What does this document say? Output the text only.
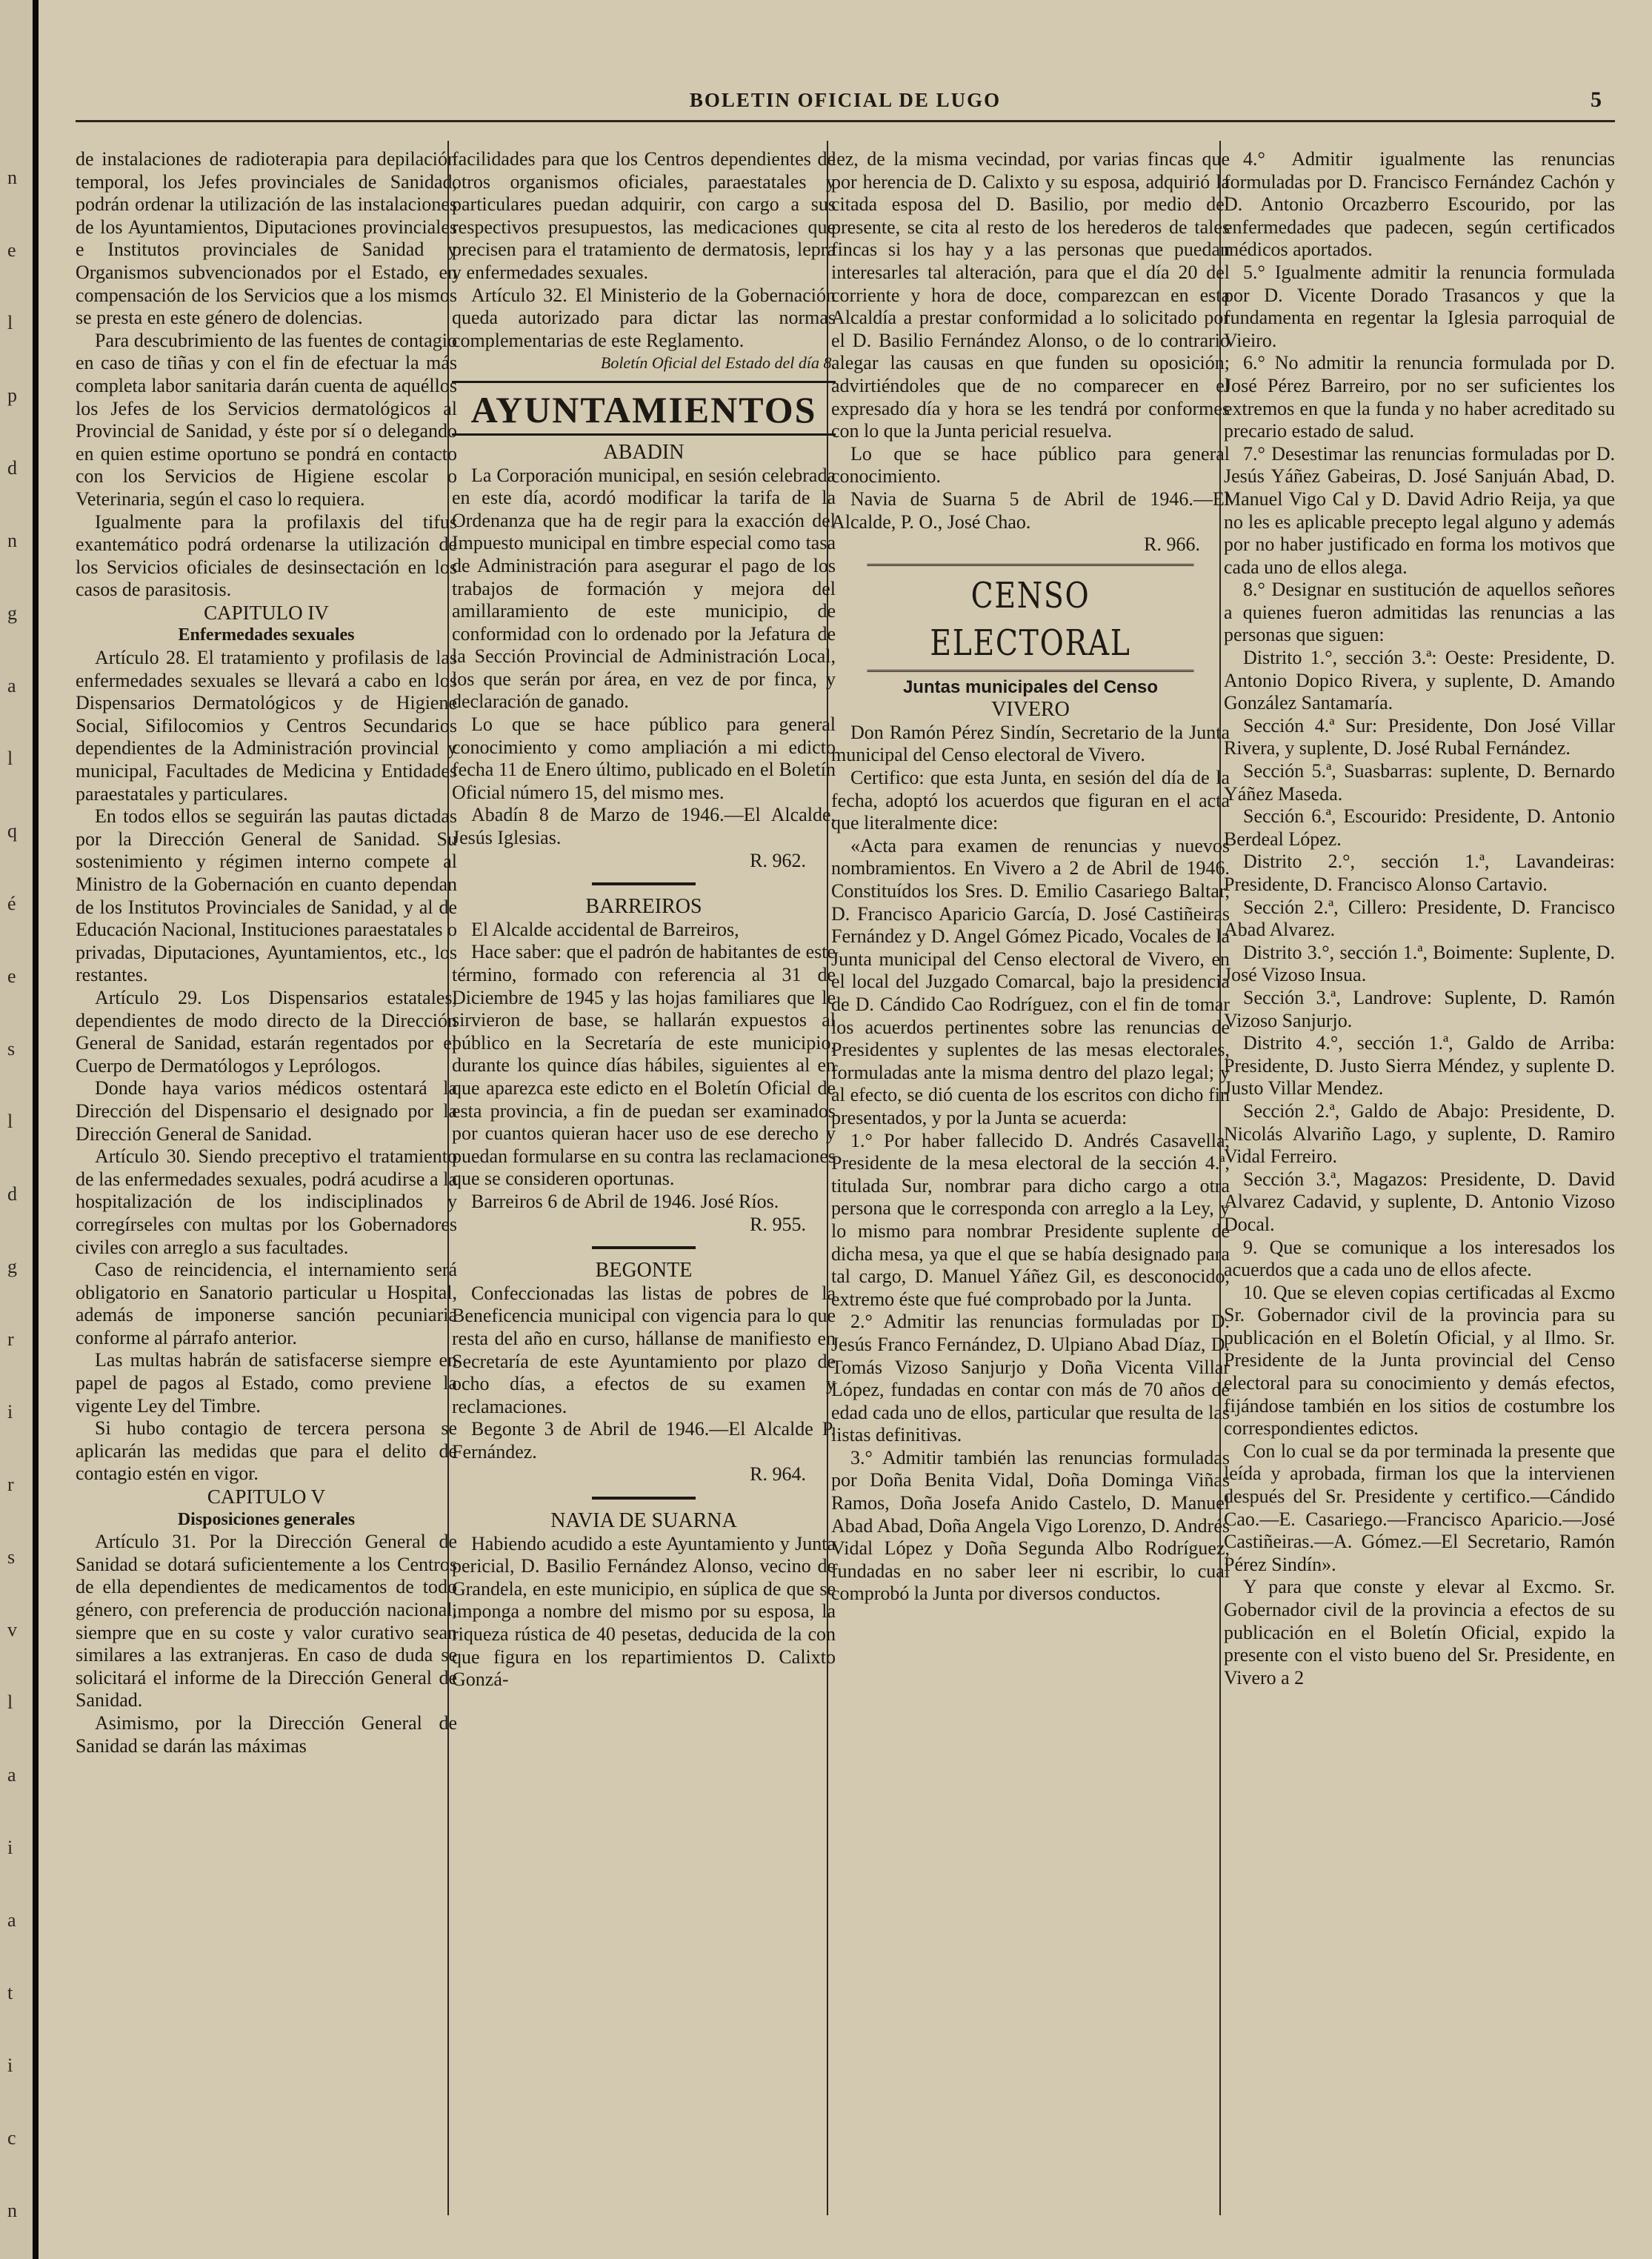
n
e
l
p
d
n
g
a
l
q
é
e
s
l
d
g
r
i
r
s
v
l
a
i
a
t
i
c
n
BOLETIN OFICIAL DE LUGO	5

de instalaciones de radioterapia para depilación temporal, los Jefes provinciales de Sanidad, podrán ordenar la utilización de las instalaciones de los Ayuntamientos, Diputaciones provinciales e Institutos provinciales de Sanidad y Organismos subvencionados por el Estado, en compensación de los Servicios que a los mismos se presta en este género de dolencias.

Para descubrimiento de las fuentes de contagio en caso de tiñas y con el fin de efectuar la más completa labor sanitaria darán cuenta de aquéllos los Jefes de los Servicios dermatológicos al Provincial de Sanidad, y éste por sí o delegando en quien estime oportuno se pondrá en contacto con los Servicios de Higiene escolar o Veterinaria, según el caso lo requiera.

Igualmente para la profilaxis del tifus exantemático podrá ordenarse la utilización de los Servicios oficiales de desinsectación en los casos de parasitosis.

CAPITULO IV

Enfermedades sexuales

Artículo 28. El tratamiento y profilasis de las enfermedades sexuales se llevará a cabo en los Dispensarios Dermatológicos y de Higiene Social, Sifilocomios y Centros Secundarios dependientes de la Administración provincial y municipal, Facultades de Medicina y Entidades paraestatales y particulares.

En todos ellos se seguirán las pautas dictadas por la Dirección General de Sanidad. Su sostenimiento y régimen interno compete al Ministro de la Gobernación en cuanto dependan de los Institutos Provinciales de Sanidad, y al de Educación Nacional, Instituciones paraestatales o privadas, Diputaciones, Ayuntamientos, etc., los restantes.

Artículo 29. Los Dispensarios estatales, dependientes de modo directo de la Dirección General de Sanidad, estarán regentados por el Cuerpo de Dermatólogos y Leprólogos.

Donde haya varios médicos ostentará la Dirección del Dispensario el designado por la Dirección General de Sanidad.

Artículo 30. Siendo preceptivo el tratamiento de las enfermedades sexuales, podrá acudirse a la hospitalización de los indisciplinados y corregírseles con multas por los Gobernadores civiles con arreglo a sus facultades.

Caso de reincidencia, el internamiento será obligatorio en Sanatorio particular u Hospital, además de imponerse sanción pecuniaria conforme al párrafo anterior.

Las multas habrán de satisfacerse siempre en papel de pagos al Estado, como previene la vigente Ley del Timbre.

Si hubo contagio de tercera persona se aplicarán las medidas que para el delito de contagio estén en vigor.

CAPITULO V

Disposiciones generales

Artículo 31. Por la Dirección General de Sanidad se dotará suficientemente a los Centros de ella dependientes de medicamentos de todo género, con preferencia de producción nacional, siempre que en su coste y valor curativo sean similares a las extranjeras. En caso de duda se solicitará el informe de la Dirección General de Sanidad.

Asimismo, por la Dirección General de Sanidad se darán las máximas

facilidades para que los Centros dependientes de otros organismos oficiales, paraestatales y particulares puedan adquirir, con cargo a sus respectivos presupuestos, las medicaciones que precisen para el tratamiento de dermatosis, lepra y enfermedades sexuales.

Artículo 32. El Ministerio de la Gobernación queda autorizado para dictar las normas complementarias de este Reglamento.

Boletín Oficial del Estado del día 8.

AYUNTAMIENTOS

ABADIN

La Corporación municipal, en sesión celebrada en este día, acordó modificar la tarifa de la Ordenanza que ha de regir para la exacción del Impuesto municipal en timbre especial como tasa de Administración para asegurar el pago de los trabajos de formación y mejora del amillaramiento de este municipio, de conformidad con lo ordenado por la Jefatura de la Sección Provincial de Administración Local, los que serán por área, en vez de por finca, y declaración de ganado.

Lo que se hace público para general conocimiento y como ampliación a mi edicto fecha 11 de Enero último, publicado en el Boletín Oficial número 15, del mismo mes.

Abadín 8 de Marzo de 1946.—El Alcalde, Jesús Iglesias.

R. 962.

BARREIROS

El Alcalde accidental de Barreiros,

Hace saber: que el padrón de habitantes de este término, formado con referencia al 31 de Diciembre de 1945 y las hojas familiares que le sirvieron de base, se hallarán expuestos al público en la Secretaría de este municipio, durante los quince días hábiles, siguientes al en que aparezca este edicto en el Boletín Oficial de esta provincia, a fin de puedan ser examinados por cuantos quieran hacer uso de ese derecho y puedan formularse en su contra las reclamaciones que se consideren oportunas.

Barreiros 6 de Abril de 1946. José Ríos.

R. 955.

BEGONTE

Confeccionadas las listas de pobres de la Beneficencia municipal con vigencia para lo que resta del año en curso, hállanse de manifiesto en Secretaría de este Ayuntamiento por plazo de ocho días, a efectos de su examen y reclamaciones.

Begonte 3 de Abril de 1946.—El Alcalde P. Fernández.

R. 964.

NAVIA DE SUARNA

Habiendo acudido a este Ayuntamiento y Junta pericial, D. Basilio Fernández Alonso, vecino de Grandela, en este municipio, en súplica de que se imponga a nombre del mismo por su esposa, la riqueza rústica de 40 pesetas, deducida de la con que figura en los repartimientos D. Calixto Gonzá-

lez, de la misma vecindad, por varias fincas que por herencia de D. Calixto y su esposa, adquirió la citada esposa del D. Basilio, por medio del presente, se cita al resto de los herederos de tales fincas si los hay y a las personas que puedan interesarles tal alteración, para que el día 20 del corriente y hora de doce, comparezcan en esta Alcaldía a prestar conformidad a lo solicitado por el D. Basilio Fernández Alonso, o de lo contrario alegar las causas en que funden su oposición; advirtiéndoles que de no comparecer en el expresado día y hora se les tendrá por conformes con lo que la Junta pericial resuelva.

Lo que se hace público para general conocimiento.

Navia de Suarna 5 de Abril de 1946.—El Alcalde, P. O., José Chao.

R. 966.

CENSO ELECTORAL

Juntas municipales del Censo

VIVERO

Don Ramón Pérez Sindín, Secretario de la Junta municipal del Censo electoral de Vivero.

Certifico: que esta Junta, en sesión del día de la fecha, adoptó los acuerdos que figuran en el acta que literalmente dice:

«Acta para examen de renuncias y nuevos nombramientos. En Vivero a 2 de Abril de 1946. Constituídos los Sres. D. Emilio Casariego Baltar, D. Francisco Aparicio García, D. José Castiñeiras Fernández y D. Angel Gómez Picado, Vocales de la Junta municipal del Censo electoral de Vivero, en el local del Juzgado Comarcal, bajo la presidencia de D. Cándido Cao Rodríguez, con el fin de tomar los acuerdos pertinentes sobre las renuncias de Presidentes y suplentes de las mesas electorales, formuladas ante la misma dentro del plazo legal; y al efecto, se dió cuenta de los escritos con dicho fin presentados, y por la Junta se acuerda:

1.° Por haber fallecido D. Andrés Casavella, Presidente de la mesa electoral de la sección 4.ª, titulada Sur, nombrar para dicho cargo a otra persona que le corresponda con arreglo a la Ley, y lo mismo para nombrar Presidente suplente de dicha mesa, ya que el que se había designado para tal cargo, D. Manuel Yáñez Gil, es desconocido, extremo éste que fué comprobado por la Junta.

2.° Admitir las renuncias formuladas por D. Jesús Franco Fernández, D. Ulpiano Abad Díaz, D. Tomás Vizoso Sanjurjo y Doña Vicenta Villar López, fundadas en contar con más de 70 años de edad cada uno de ellos, particular que resulta de las listas definitivas.

3.° Admitir también las renuncias formuladas por Doña Benita Vidal, Doña Dominga Viñas Ramos, Doña Josefa Anido Castelo, D. Manuel Abad Abad, Doña Angela Vigo Lorenzo, D. Andrés Vidal López y Doña Segunda Albo Rodríguez, fundadas en no saber leer ni escribir, lo cual comprobó la Junta por diversos conductos.

4.° Admitir igualmente las renuncias formuladas por D. Francisco Fernández Cachón y D. Antonio Orcazberro Escourido, por las enfermedades que padecen, según certificados médicos aportados.

5.° Igualmente admitir la renuncia formulada por D. Vicente Dorado Trasancos y que la fundamenta en regentar la Iglesia parroquial de Vieiro.

6.° No admitir la renuncia formulada por D. José Pérez Barreiro, por no ser suficientes los extremos en que la funda y no haber acreditado su precario estado de salud.

7.° Desestimar las renuncias formuladas por D. Jesús Yáñez Gabeiras, D. José Sanjuán Abad, D. Manuel Vigo Cal y D. David Adrio Reija, ya que no les es aplicable precepto legal alguno y además por no haber justificado en forma los motivos que cada uno de ellos alega.

8.° Designar en sustitución de aquellos señores a quienes fueron admitidas las renuncias a las personas que siguen:

Distrito 1.°, sección 3.ª: Oeste: Presidente, D. Antonio Dopico Rivera, y suplente, D. Amando González Santamaría.

Sección 4.ª Sur: Presidente, Don José Villar Rivera, y suplente, D. José Rubal Fernández.

Sección 5.ª, Suasbarras: suplente, D. Bernardo Yáñez Maseda.

Sección 6.ª, Escourido: Presidente, D. Antonio Berdeal López.

Distrito 2.°, sección 1.ª, Lavandeiras: Presidente, D. Francisco Alonso Cartavio.

Sección 2.ª, Cillero: Presidente, D. Francisco Abad Alvarez.

Distrito 3.°, sección 1.ª, Boimente: Suplente, D. José Vizoso Insua.

Sección 3.ª, Landrove: Suplente, D. Ramón Vizoso Sanjurjo.

Distrito 4.°, sección 1.ª, Galdo de Arriba: Presidente, D. Justo Sierra Méndez, y suplente D. Justo Villar Mendez.

Sección 2.ª, Galdo de Abajo: Presidente, D. Nicolás Alvariño Lago, y suplente, D. Ramiro Vidal Ferreiro.

Sección 3.ª, Magazos: Presidente, D. David Alvarez Cadavid, y suplente, D. Antonio Vizoso Docal.

9. Que se comunique a los interesados los acuerdos que a cada uno de ellos afecte.

10. Que se eleven copias certificadas al Excmo Sr. Gobernador civil de la provincia para su publicación en el Boletín Oficial, y al Ilmo. Sr. Presidente de la Junta provincial del Censo electoral para su conocimiento y demás efectos, fijándose también en los sitios de costumbre los correspondientes edictos.

Con lo cual se da por terminada la presente que leída y aprobada, firman los que la intervienen después del Sr. Presidente y certifico.—Cándido Cao.—E. Casariego.—Francisco Aparicio.—José Castiñeiras.—A. Gómez.—El Secretario, Ramón Pérez Sindín».

Y para que conste y elevar al Excmo. Sr. Gobernador civil de la provincia a efectos de su publicación en el Boletín Oficial, expido la presente con el visto bueno del Sr. Presidente, en Vivero a 2
